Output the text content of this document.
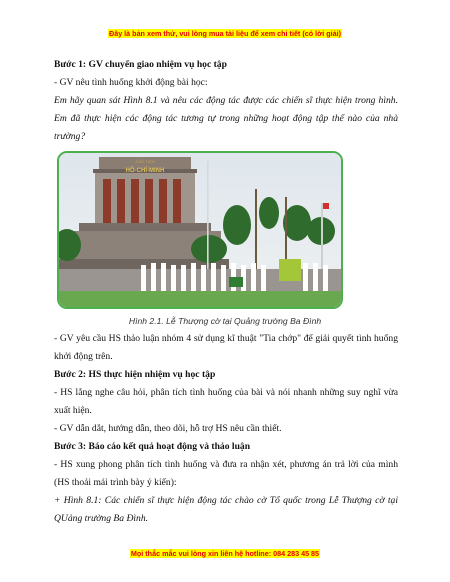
Đây là bản xem thử, vui lòng mua tài liệu để xem chi tiết (có lời giải)

Bước 1: GV chuyển giao nhiệm vụ học tập

- GV nêu tình huống khởi động bài học:

Em hãy quan sát Hình 8.1 và nêu các động tác được các chiến sĩ thực hiện trong hình. Em đã thực hiện các động tác tương tự trong những hoạt động tập thể nào của nhà trường?

CHỦ TỊCH
HỒ-CHÍ-MINH
Hình 2.1. Lễ Thượng cờ tại Quảng trường Ba Đình

- GV yêu cầu HS thảo luận nhóm 4 sử dụng kĩ thuật "Tia chớp" để giải quyết tình huống khởi động trên.

Bước 2: HS thực hiện nhiệm vụ học tập

- HS lắng nghe câu hỏi, phân tích tình huống của bài và nói nhanh những suy nghĩ vừa xuất hiện.

- GV dẫn dắt, hướng dẫn, theo dõi, hỗ trợ HS nêu cần thiết.

Bước 3: Báo cáo kết quả hoạt động và thảo luận

- HS xung phong phân tích tình huống và đưa ra nhận xét, phương án trả lời của mình (HS thoải mái trình bày ý kiến):

+ Hình 8.1: Các chiến sĩ thực hiện động tác chào cờ Tổ quốc trong Lễ Thượng cờ tại QUảng trường Ba Đình.

Mọi thắc mắc vui lòng xin liên hệ hotline: 084 283 45 85
